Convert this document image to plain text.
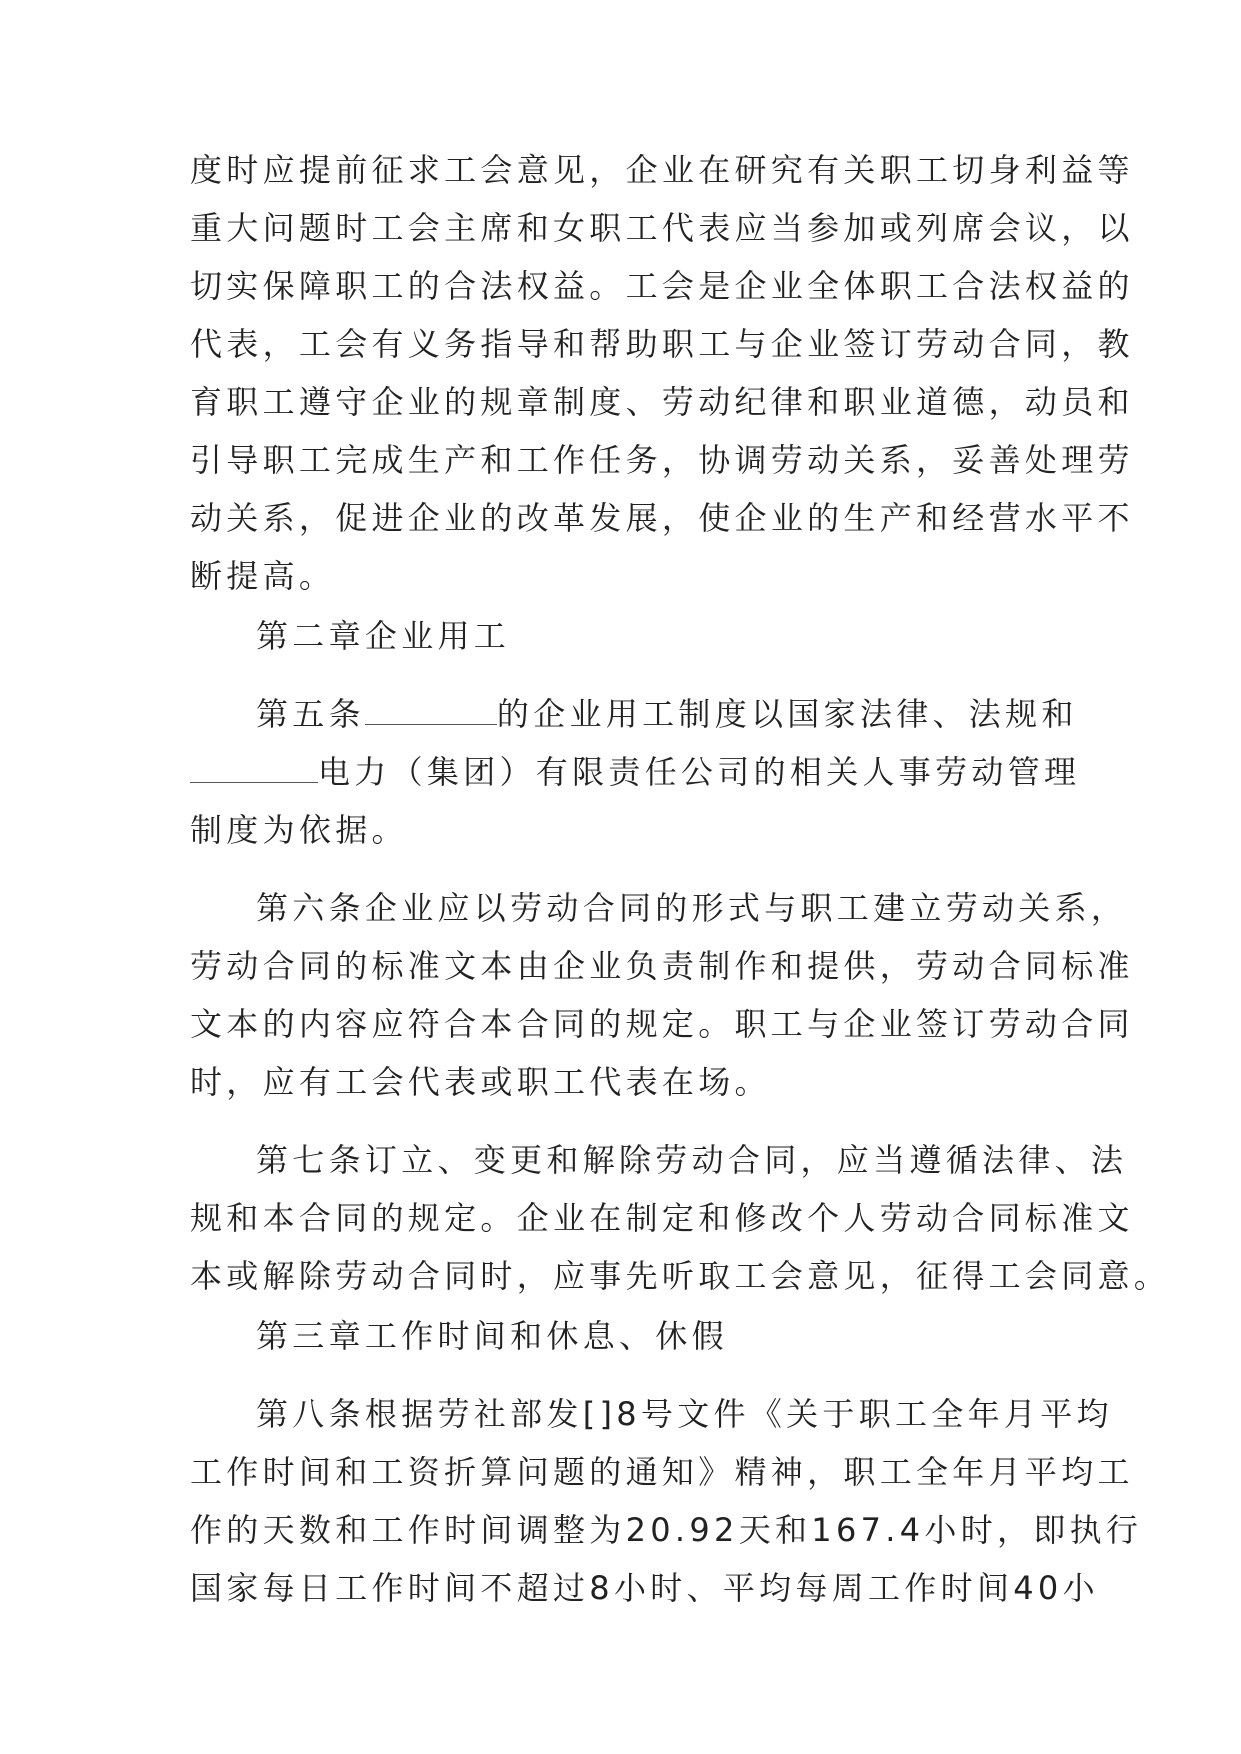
度时应提前征求工会意见，企业在研究有关职工切身利益等
重大问题时工会主席和女职工代表应当参加或列席会议，以
切实保障职工的合法权益。工会是企业全体职工合法权益的
代表，工会有义务指导和帮助职工与企业签订劳动合同，教
育职工遵守企业的规章制度、劳动纪律和职业道德，动员和
引导职工完成生产和工作任务，协调劳动关系，妥善处理劳
动关系，促进企业的改革发展，使企业的生产和经营水平不
断提高。
第二章企业用工
第五条	的企业用工制度以国家法律、法规和
电力（集团）有限责任公司的相关人事劳动管理
制度为依据。
第六条企业应以劳动合同的形式与职工建立劳动关系，
劳动合同的标准文本由企业负责制作和提供，劳动合同标准
文本的内容应符合本合同的规定。职工与企业签订劳动合同
时，应有工会代表或职工代表在场。
第七条订立、变更和解除劳动合同，应当遵循法律、法
规和本合同的规定。企业在制定和修改个人劳动合同标准文
本或解除劳动合同时，应事先听取工会意见，征得工会同意。
第三章工作时间和休息、休假
第八条根据劳社部发[]8号文件《关于职工全年月平均
工作时间和工资折算问题的通知》精神，职工全年月平均工
作的天数和工作时间调整为20.92天和167.4小时，即执行
国家每日工作时间不超过8小时、平均每周工作时间40小
